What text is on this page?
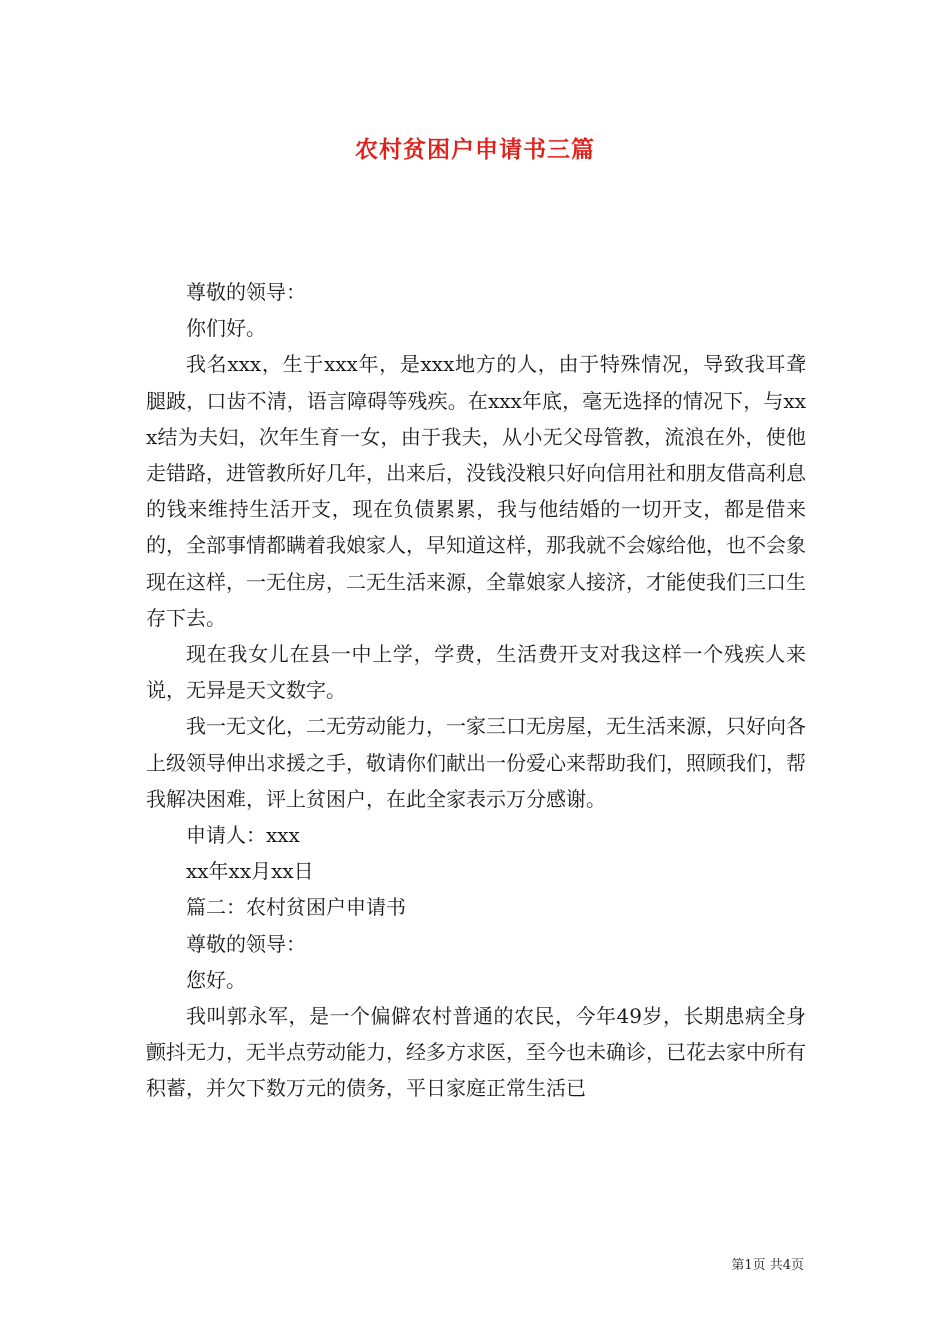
农村贫困户申请书三篇

尊敬的领导：

你们好。

我名xxx，生于xxx年，是xxx地方的人，由于特殊情况，导致我耳聋腿跛，口齿不清，语言障碍等残疾。在xxx年底，毫无选择的情况下，与xxx结为夫妇，次年生育一女，由于我夫，从小无父母管教，流浪在外，使他走错路，进管教所好几年，出来后，没钱没粮只好向信用社和朋友借高利息的钱来维持生活开支，现在负债累累，我与他结婚的一切开支，都是借来的，全部事情都瞒着我娘家人，早知道这样，那我就不会嫁给他，也不会象现在这样，一无住房，二无生活来源，全靠娘家人接济，才能使我们三口生存下去。

现在我女儿在县一中上学，学费，生活费开支对我这样一个残疾人来说，无异是天文数字。

我一无文化，二无劳动能力，一家三口无房屋，无生活来源，只好向各上级领导伸出求援之手，敬请你们献出一份爱心来帮助我们，照顾我们，帮我解决困难，评上贫困户，在此全家表示万分感谢。

申请人：xxx

xx年xx月xx日

篇二：农村贫困户申请书

尊敬的领导：

您好。

我叫郭永军，是一个偏僻农村普通的农民，今年49岁，长期患病全身颤抖无力，无半点劳动能力，经多方求医，至今也未确诊，已花去家中所有积蓄，并欠下数万元的债务，平日家庭正常生活已

第1页 共4页
